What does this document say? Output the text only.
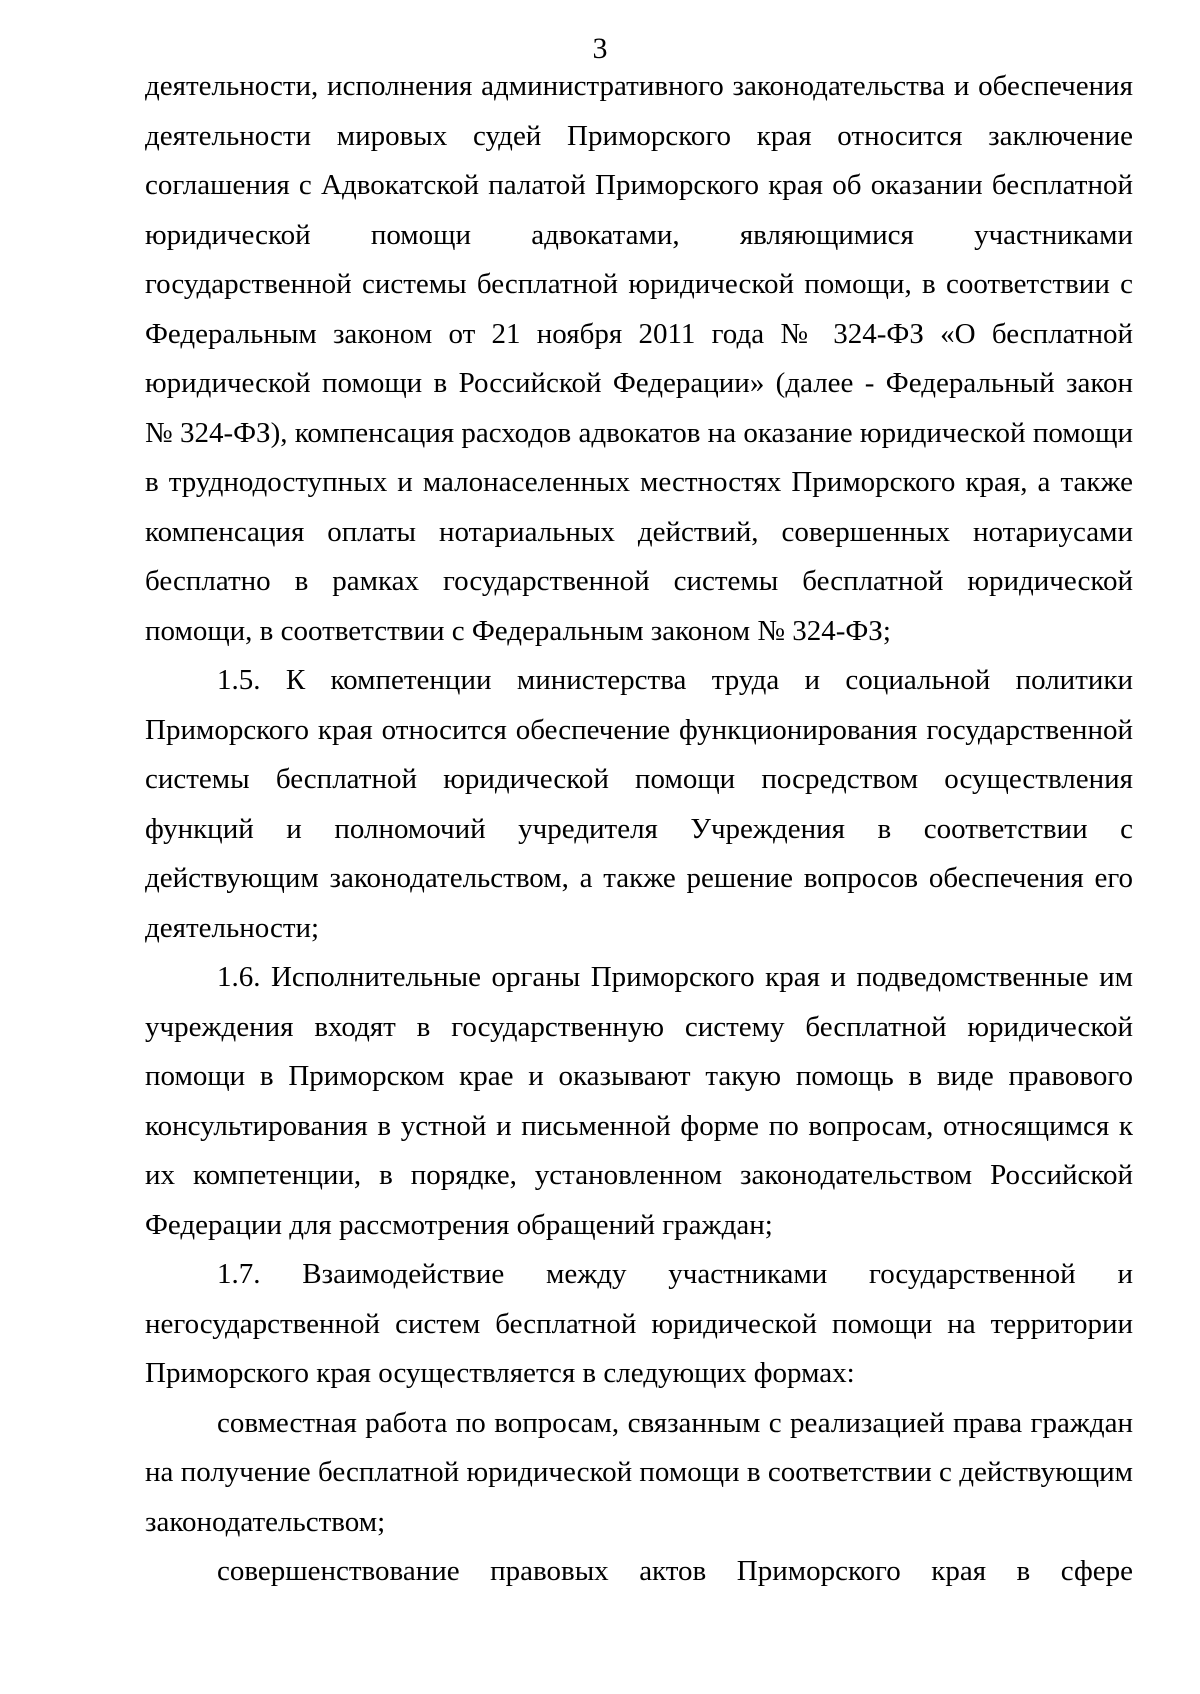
3

деятельности, исполнения административного законодательства и обеспечения деятельности мировых судей Приморского края относится заключение соглашения с Адвокатской палатой Приморского края об оказании бесплатной юридической помощи адвокатами, являющимися участниками государственной системы бесплатной юридической помощи, в соответствии с Федеральным законом от 21 ноября 2011 года № 324-ФЗ «О бесплатной юридической помощи в Российской Федерации» (далее - Федеральный закон № 324-ФЗ), компенсация расходов адвокатов на оказание юридической помощи в труднодоступных и малонаселенных местностях Приморского края, а также компенсация оплаты нотариальных действий, совершенных нотариусами бесплатно в рамках государственной системы бесплатной юридической помощи, в соответствии с Федеральным законом № 324-ФЗ;

1.5. К компетенции министерства труда и социальной политики Приморского края относится обеспечение функционирования государственной системы бесплатной юридической помощи посредством осуществления функций и полномочий учредителя Учреждения в соответствии с действующим законодательством, а также решение вопросов обеспечения его деятельности;

1.6. Исполнительные органы Приморского края и подведомственные им учреждения входят в государственную систему бесплатной юридической помощи в Приморском крае и оказывают такую помощь в виде правового консультирования в устной и письменной форме по вопросам, относящимся к их компетенции, в порядке, установленном законодательством Российской Федерации для рассмотрения обращений граждан;

1.7. Взаимодействие между участниками государственной и негосударственной систем бесплатной юридической помощи на территории Приморского края осуществляется в следующих формах:

совместная работа по вопросам, связанным с реализацией права граждан на получение бесплатной юридической помощи в соответствии с действующим законодательством;

совершенствование правовых актов Приморского края в сфере
